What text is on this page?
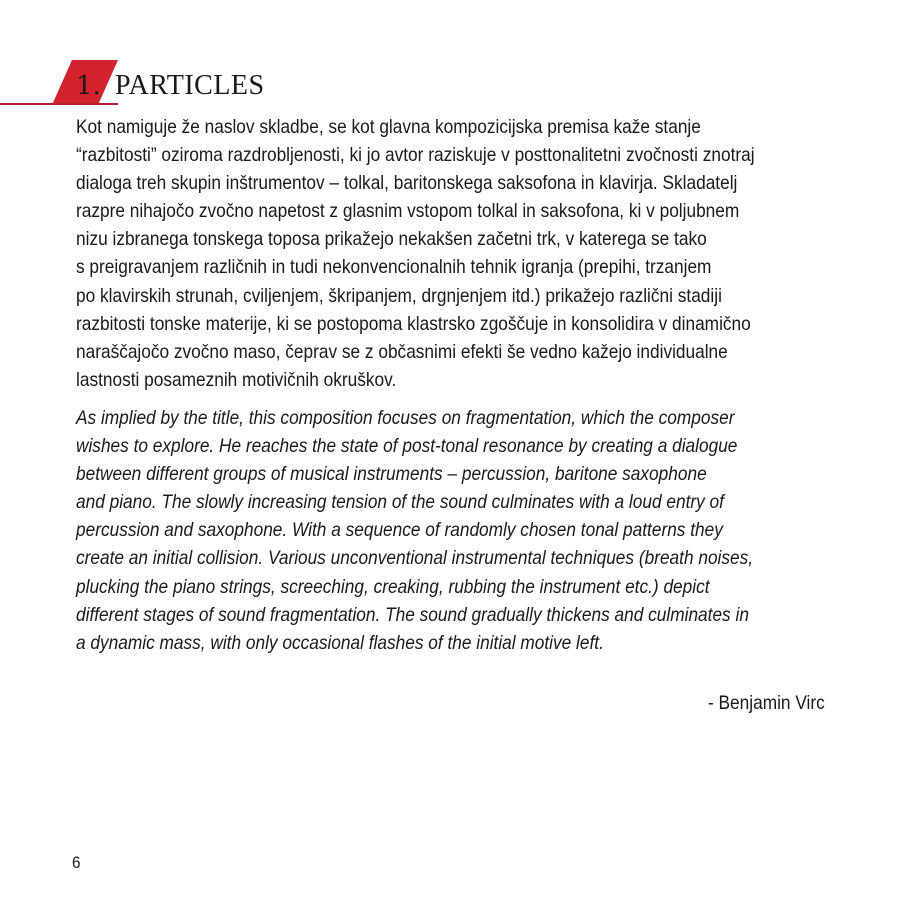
1. PARTICLES

Kot namiguje že naslov skladbe, se kot glavna kompozicijska premisa kaže stanje
“razbitosti” oziroma razdrobljenosti, ki jo avtor raziskuje v posttonalitetni zvočnosti znotraj
dialoga treh skupin inštrumentov – tolkal, baritonskega saksofona in klavirja. Skladatelj
razpre nihajočo zvočno napetost z glasnim vstopom tolkal in saksofona, ki v poljubnem
nizu izbranega tonskega toposa prikažejo nekakšen začetni trk, v katerega se tako
s preigravanjem različnih in tudi nekonvencionalnih tehnik igranja (prepihi, trzanjem
po klavirskih strunah, cviljenjem, škripanjem, drgnjenjem itd.) prikažejo različni stadiji
razbitosti tonske materije, ki se postopoma klastrsko zgoščuje in konsolidira v dinamično
naraščajočo zvočno maso, čeprav se z občasnimi efekti še vedno kažejo individualne
lastnosti posameznih motivičnih okruškov.

As implied by the title, this composition focuses on fragmentation, which the composer
wishes to explore. He reaches the state of post-tonal resonance by creating a dialogue
between different groups of musical instruments – percussion, baritone saxophone
and piano. The slowly increasing tension of the sound culminates with a loud entry of
percussion and saxophone. With a sequence of randomly chosen tonal patterns they
create an initial collision. Various unconventional instrumental techniques (breath noises,
plucking the piano strings, screeching, creaking, rubbing the instrument etc.) depict
different stages of sound fragmentation. The sound gradually thickens and culminates in
a dynamic mass, with only occasional flashes of the initial motive left.

- Benjamin Virc
6
